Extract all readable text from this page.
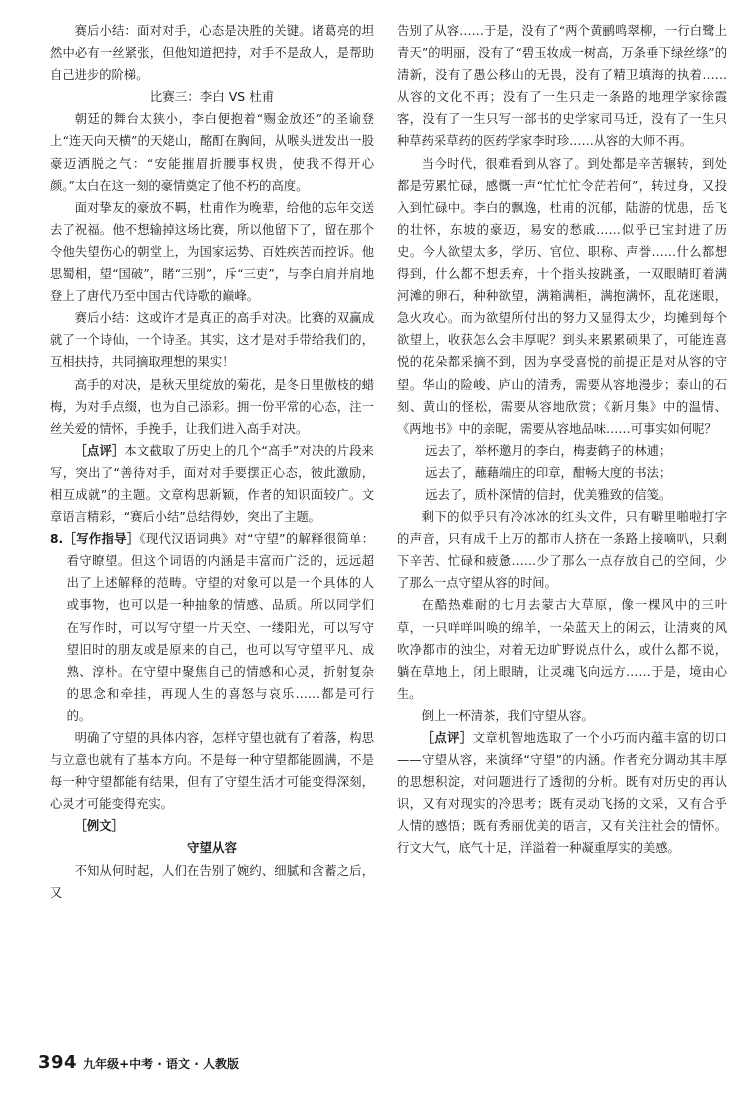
赛后小结：面对对手，心态是决胜的关键。诸葛亮的坦然中必有一丝紧张，但他知道把持，对手不是敌人，是帮助自己进步的阶梯。

比赛三：李白 VS 杜甫

朝廷的舞台太狭小，李白便抱着“赐金放还”的圣谕登上“连天向天横”的天姥山，酩酊在胸间，从喉头迸发出一股豪迈洒脱之气：“安能摧眉折腰事权贵，使我不得开心颜。”太白在这一刻的豪情奠定了他不朽的高度。

面对挚友的豪放不羁，杜甫作为晚辈，给他的忘年交送去了祝福。他不想输掉这场比赛，所以他留下了，留在那个令他失望伤心的朝堂上，为国家运势、百姓疾苦而控诉。他思蜀相，望“国破”，睹“三别”，斥“三吏”，与李白肩并肩地登上了唐代乃至中国古代诗歌的巅峰。

赛后小结：这或许才是真正的高手对决。比赛的双赢成就了一个诗仙，一个诗圣。其实，这才是对手带给我们的，互相扶持，共同摘取理想的果实！

高手的对决，是秋天里绽放的菊花，是冬日里傲枝的蜡梅，为对手点缀，也为自己添彩。拥一份平常的心态，注一丝关爱的情怀，手挽手，让我们进入高手对决。

［点评］本文截取了历史上的几个“高手”对决的片段来写，突出了“善待对手，面对对手要摆正心态，彼此激励，相互成就”的主题。文章构思新颖，作者的知识面较广。文章语言精彩，“赛后小结”总结得妙，突出了主题。

8.［写作指导］《现代汉语词典》对“守望”的解释很简单：看守瞭望。但这个词语的内涵是丰富而广泛的，远远超出了上述解释的范畴。守望的对象可以是一个具体的人或事物，也可以是一种抽象的情感、品质。所以同学们在写作时，可以写守望一片天空、一缕阳光，可以写守望旧时的朋友或是原来的自己，也可以写守望平凡、成熟、淳朴。在守望中聚焦自己的情感和心灵，折射复杂的思念和牵挂，再现人生的喜怒与哀乐……都是可行的。

明确了守望的具体内容，怎样守望也就有了着落，构思与立意也就有了基本方向。不是每一种守望都能圆满，不是每一种守望都能有结果，但有了守望生活才可能变得深刻，心灵才可能变得充实。

［例文］

守望从容

不知从何时起，人们在告别了婉约、细腻和含蓄之后，又

告别了从容……于是，没有了“两个黄鹂鸣翠柳，一行白鹭上青天”的明丽，没有了“碧玉妆成一树高，万条垂下绿丝绦”的清新，没有了愚公移山的无畏，没有了精卫填海的执着……从容的文化不再；没有了一生只走一条路的地理学家徐霞客，没有了一生只写一部书的史学家司马迁，没有了一生只种草药采草药的医药学家李时珍……从容的大师不再。

当今时代，很难看到从容了。到处都是辛苦辗转，到处都是劳累忙碌，感慨一声“忙忙忙令茫若何”，转过身，又投入到忙碌中。李白的飘逸，杜甫的沉郁，陆游的忧患，岳飞的壮怀，东坡的豪迈，易安的愁戚……似乎已宝封进了历史。今人欲望太多，学历、官位、职称、声誉……什么都想得到，什么都不想丢弃，十个指头按跳蚤，一双眼睛盯着满河滩的卵石，种种欲望，满箱满柜，满抱满怀，乱花迷眼，急火攻心。而为欲望所付出的努力又显得太少，均摊到每个欲望上，收获怎么会丰厚呢？到头来累累硕果了，可能连喜悦的花朵都采摘不到，因为享受喜悦的前提正是对从容的守望。华山的险峻、庐山的清秀，需要从容地漫步；泰山的石刻、黄山的怪松，需要从容地欣赏；《新月集》中的温情、《两地书》中的亲昵，需要从容地品味……可事实如何呢？

远去了，举杯邀月的李白，梅妻鹤子的林逋；

远去了，蘸藉端庄的印章，酣畅大度的书法；

远去了，质朴深情的信封，优美雅致的信笺。

剩下的似乎只有冷冰冰的红头文件，只有噼里啪啦打字的声音，只有成千上万的都市人挤在一条路上接嘀叭，只剩下辛苦、忙碌和疲惫……少了那么一点存放自己的空间，少了那么一点守望从容的时间。

在酷热难耐的七月去蒙古大草原，像一棵风中的三叶草，一只咩咩叫唤的绵羊，一朵蓝天上的闲云，让清爽的风吹净都市的浊尘，对着无边旷野说点什么，或什么都不说，躺在草地上，闭上眼睛，让灵魂飞向远方……于是，境由心生。

倒上一杯清茶，我们守望从容。

［点评］文章机智地选取了一个小巧而内蕴丰富的切口——守望从容，来演绎“守望”的内涵。作者充分调动其丰厚的思想积淀，对问题进行了透彻的分析。既有对历史的再认识，又有对现实的冷思考；既有灵动飞扬的文采，又有合乎人情的感悟；既有秀丽优美的语言，又有关注社会的情怀。行文大气，底气十足，洋溢着一种凝重厚实的美感。

394 九年级+中考 · 语文 · 人教版
